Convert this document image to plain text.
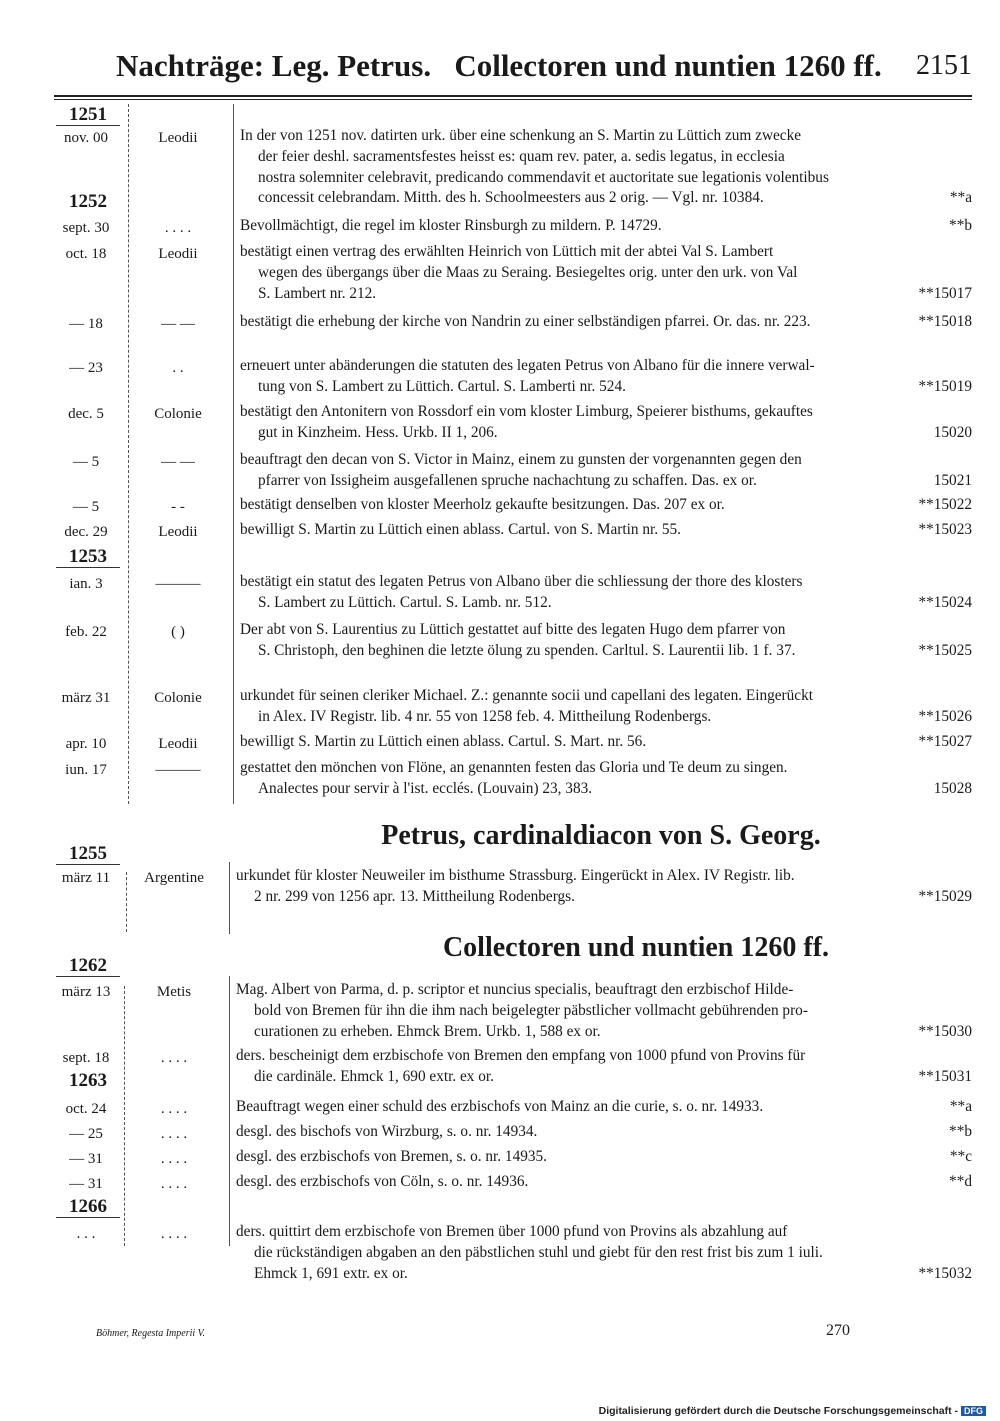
Nachträge: Leg. Petrus.   Collectoren und nuntien 1260 ff. 2151
1251
1252
1253
1255
1262
1263
1266
Petrus, cardinaldiacon von S. Georg.
Collectoren und nuntien 1260 ff.
nov. 00	Leodii	In der von 1251 nov. datirten urk. über eine schenkung an S. Martin zu Lüttich zum zwecke
der feier deshl. sacramentsfestes heisst es: quam rev. pater, a. sedis legatus, in ecclesia
nostra solemniter celebravit, predicando commendavit et auctoritate sue legationis volentibus
concessit celebrandam. Mitth. des h. Schoolmeesters aus 2 orig. — Vgl. nr. 10384.	**a
sept. 30	. . . .	Bevollmächtigt, die regel im kloster Rinsburgh zu mildern. P. 14729.	**b
oct. 18	Leodii	bestätigt einen vertrag des erwählten Heinrich von Lüttich mit der abtei Val S. Lambert
wegen des übergangs über die Maas zu Seraing. Besiegeltes orig. unter den urk. von Val
S. Lambert nr. 212.	**15017
— 18	— —	bestätigt die erhebung der kirche von Nandrin zu einer selbständigen pfarrei. Or. das. nr. 223.	**15018
— 23	. .	erneuert unter abänderungen die statuten des legaten Petrus von Albano für die innere verwal-
tung von S. Lambert zu Lüttich. Cartul. S. Lamberti nr. 524.	**15019
dec. 5	Colonie	bestätigt den Antonitern von Rossdorf ein vom kloster Limburg, Speierer bisthums, gekauftes
gut in Kinzheim. Hess. Urkb. II 1, 206.	15020
— 5	— —	beauftragt den decan von S. Victor in Mainz, einem zu gunsten der vorgenannten gegen den
pfarrer von Issigheim ausgefallenen spruche nachachtung zu schaffen. Das. ex or.	15021
— 5	- -	bestätigt denselben von kloster Meerholz gekaufte besitzungen. Das. 207 ex or.	**15022
dec. 29	Leodii	bewilligt S. Martin zu Lüttich einen ablass. Cartul. von S. Martin nr. 55.	**15023
ian. 3	———	bestätigt ein statut des legaten Petrus von Albano über die schliessung der thore des klosters
S. Lambert zu Lüttich. Cartul. S. Lamb. nr. 512.	**15024
feb. 22	( )	Der abt von S. Laurentius zu Lüttich gestattet auf bitte des legaten Hugo dem pfarrer von
S. Christoph, den beghinen die letzte ölung zu spenden. Carltul. S. Laurentii lib. 1 f. 37.	**15025
märz 31	Colonie	urkundet für seinen cleriker Michael. Z.: genannte socii und capellani des legaten. Eingerückt
in Alex. IV Registr. lib. 4 nr. 55 von 1258 feb. 4. Mittheilung Rodenbergs.	**15026
apr. 10	Leodii	bewilligt S. Martin zu Lüttich einen ablass. Cartul. S. Mart. nr. 56.	**15027
iun. 17	———	gestattet den mönchen von Flöne, an genannten festen das Gloria und Te deum zu singen.
Analectes pour servir à l'ist. ecclés. (Louvain) 23, 383.	15028
märz 11	Argentine	urkundet für kloster Neuweiler im bisthume Strassburg. Eingerückt in Alex. IV Registr. lib.
2 nr. 299 von 1256 apr. 13. Mittheilung Rodenbergs.	**15029
märz 13	Metis	Mag. Albert von Parma, d. p. scriptor et nuncius specialis, beauftragt den erzbischof Hilde-
bold von Bremen für ihn die ihm nach beigelegter päbstlicher vollmacht gebührenden pro-
curationen zu erheben. Ehmck Brem. Urkb. 1, 588 ex or.	**15030
sept. 18	. . . .	ders. bescheinigt dem erzbischofe von Bremen den empfang von 1000 pfund von Provins für
die cardinäle. Ehmck 1, 690 extr. ex or.	**15031
oct. 24	. . . .	Beauftragt wegen einer schuld des erzbischofs von Mainz an die curie, s. o. nr. 14933.	**a
— 25	. . . .	desgl. des bischofs von Wirzburg, s. o. nr. 14934.	**b
— 31	. . . .	desgl. des erzbischofs von Bremen, s. o. nr. 14935.	**c
— 31	. . . .	desgl. des erzbischofs von Cöln, s. o. nr. 14936.	**d
. . .	. . . .	ders. quittirt dem erzbischofe von Bremen über 1000 pfund von Provins als abzahlung auf
die rückständigen abgaben an den päbstlichen stuhl und giebt für den rest frist bis zum 1 iuli.
Ehmck 1, 691 extr. ex or.	**15032
Böhmer, Regesta Imperii V.	270
Digitalisierung gefördert durch die Deutsche Forschungsgemeinschaft - DFG
